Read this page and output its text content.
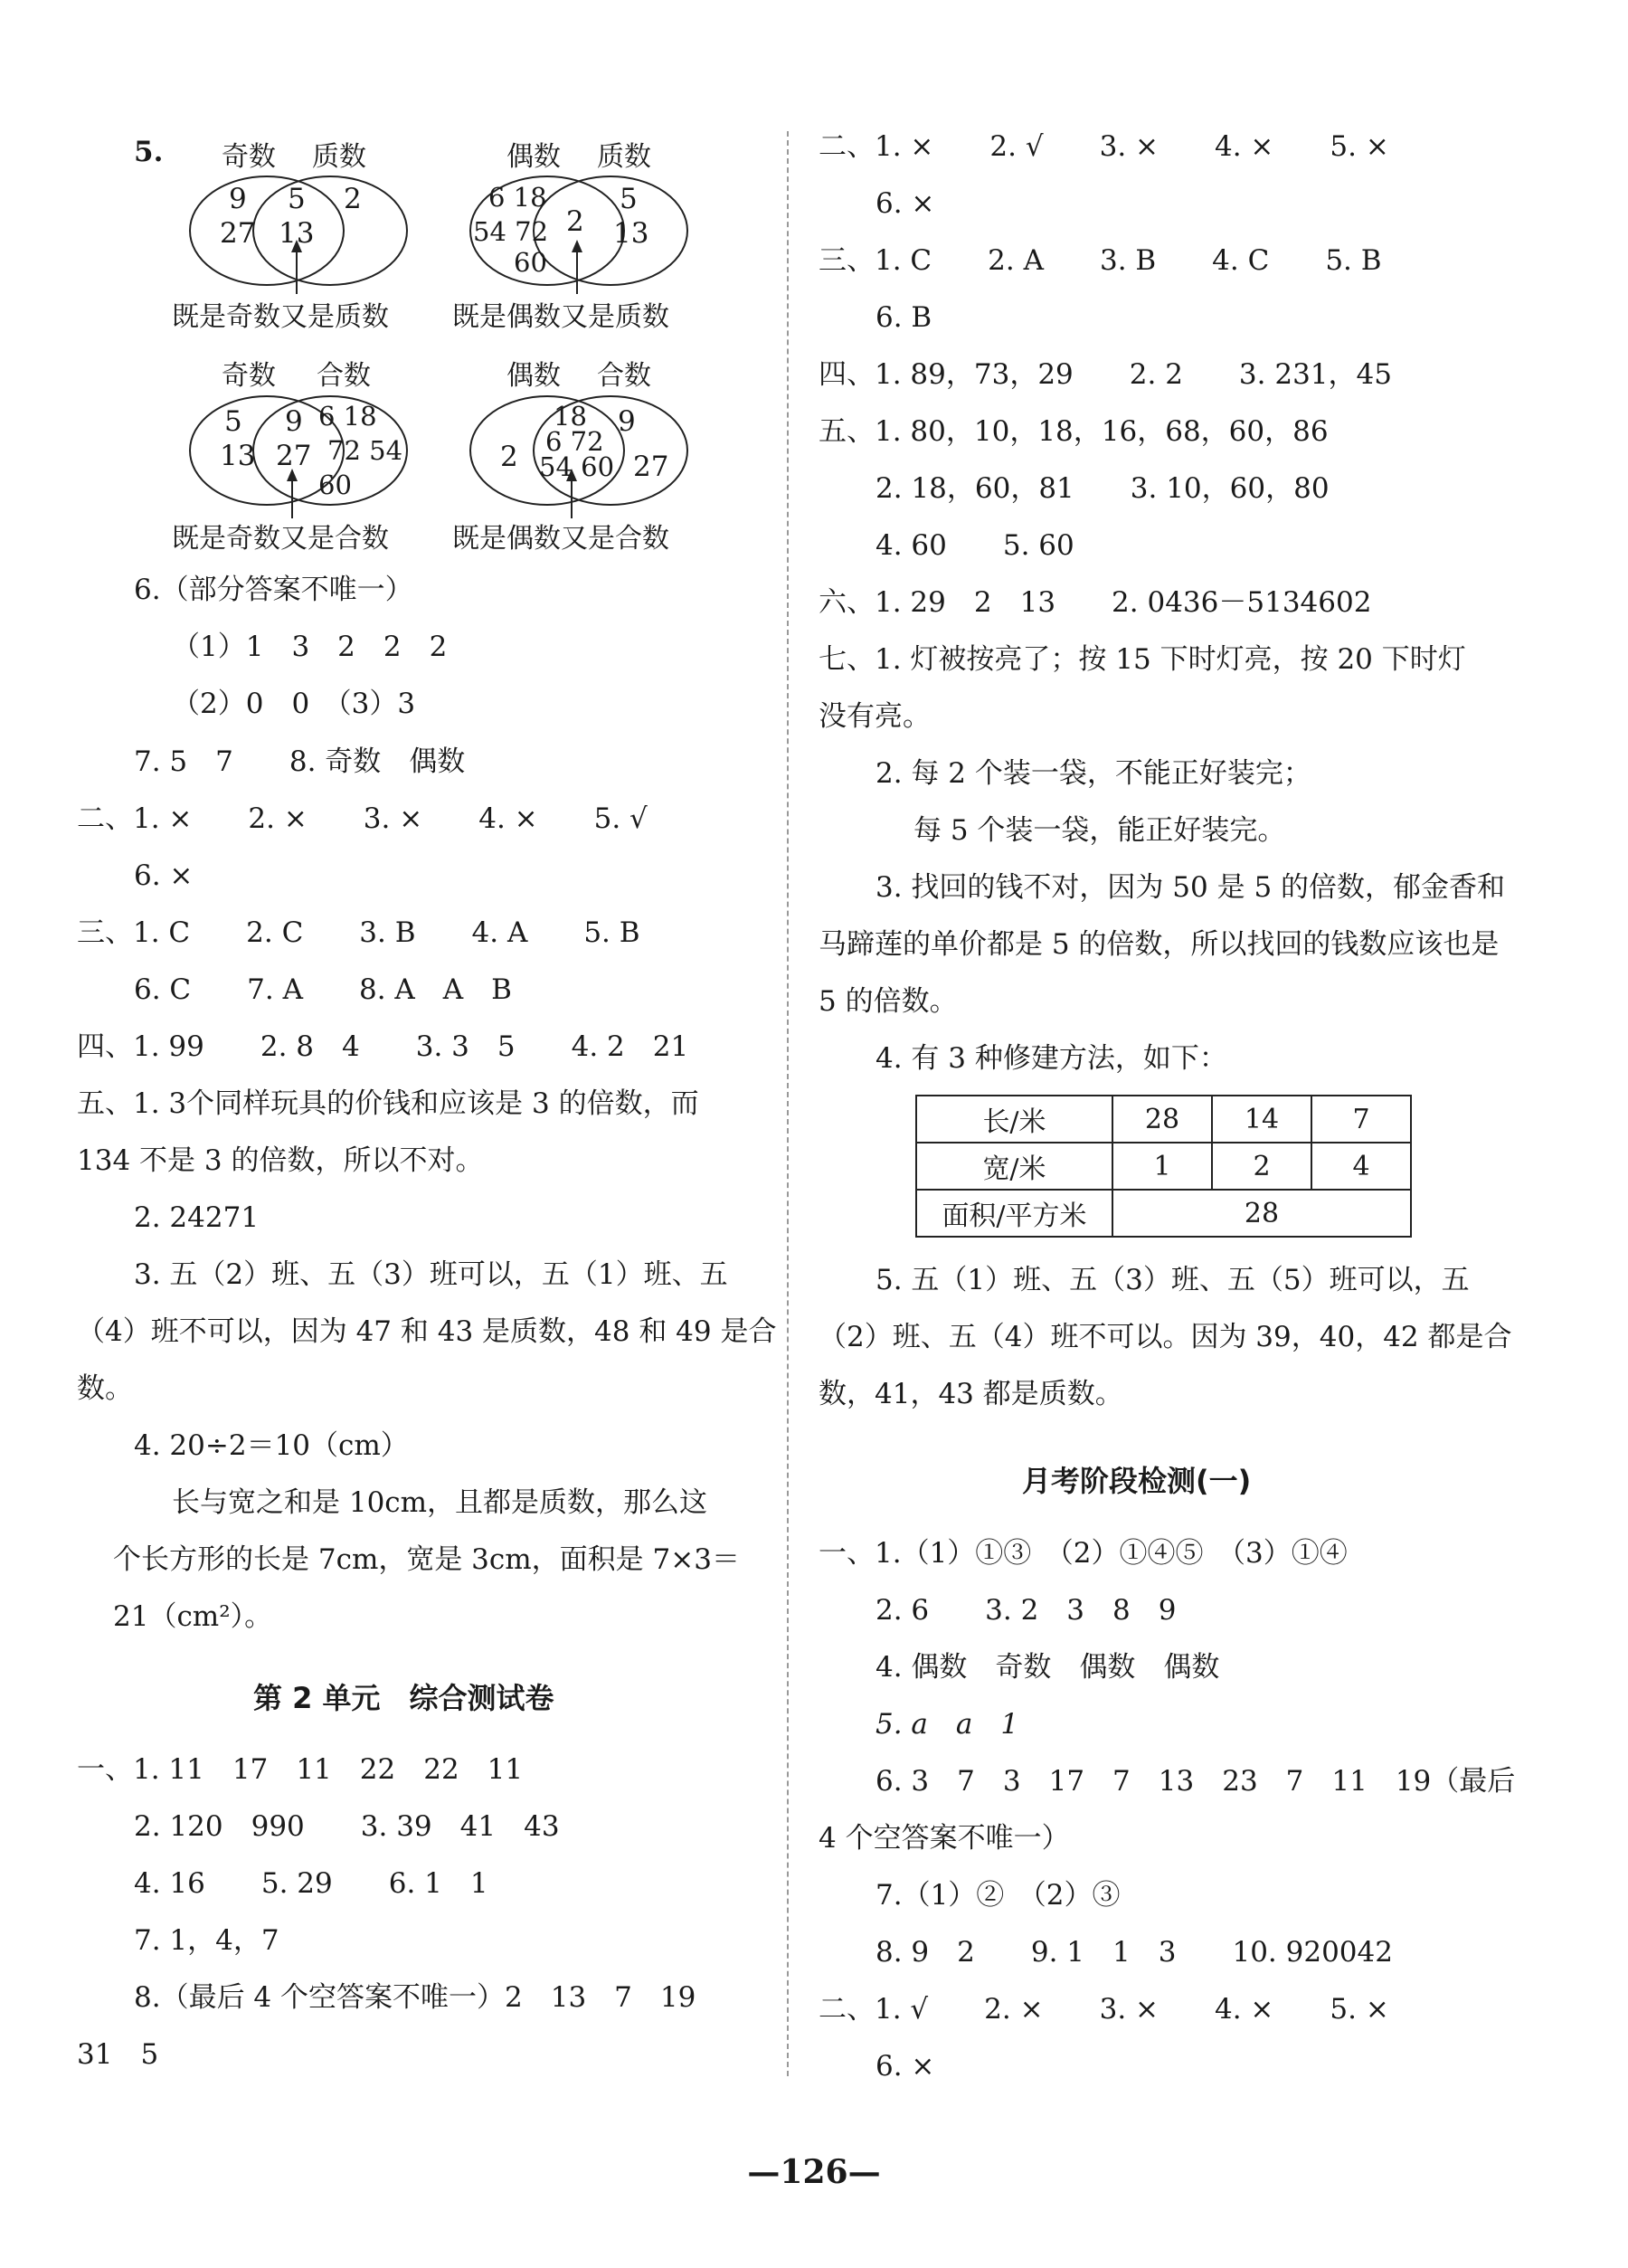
5. 奇数 质数
9
27
5
13
2
既是奇数又是质数
偶数 质数
6 18
54 72
60
2
5
13
既是偶数又是质数
奇数 合数
5
13
9
27
6 18
72 54
60
既是奇数又是合数
偶数 合数
2
18
6 72
54 60
9
27
既是偶数又是合数
6.（部分答案不唯一）
（1）1　3　2　2　2
（2）0　0　（3）3
7. 5　7　　8. 奇数　偶数
二、1. ×　　2. ×　　3. ×　　4. ×　　5. √
6. ×
三、1. C　　2. C　　3. B　　4. A　　5. B
6. C　　7. A　　8. A　A　B
四、1. 99　　2. 8　4　　3. 3　5　　4. 2　21
五、1. 3个同样玩具的价钱和应该是 3 的倍数，而
134 不是 3 的倍数，所以不对。
2. 24271
3. 五（2）班、五（3）班可以，五（1）班、五
（4）班不可以，因为 47 和 43 是质数，48 和 49 是合
数。
4. 20÷2＝10（cm）
长与宽之和是 10cm，且都是质数，那么这
个长方形的长是 7cm，宽是 3cm，面积是 7×3＝
21（cm²）。
第 2 单元　综合测试卷
一、1. 11　17　11　22　22　11
2. 120　990　　3. 39　41　43
4. 16　　5. 29　　6. 1　1
7. 1，4，7
8.（最后 4 个空答案不唯一）2　13　7　19
31　5
二、1. ×　　2. √　　3. ×　　4. ×　　5. ×
6. ×
三、1. C　　2. A　　3. B　　4. C　　5. B
6. B
四、1. 89，73，29　　2. 2　　3. 231，45
五、1. 80，10，18，16，68，60，86
2. 18，60，81　　3. 10，60，80
4. 60　　5. 60
六、1. 29　2　13　　2. 0436－5134602
七、1. 灯被按亮了；按 15 下时灯亮，按 20 下时灯
没有亮。
2. 每 2 个装一袋，不能正好装完；
每 5 个装一袋，能正好装完。
3. 找回的钱不对，因为 50 是 5 的倍数，郁金香和
马蹄莲的单价都是 5 的倍数，所以找回的钱数应该也是
5 的倍数。
4. 有 3 种修建方法，如下：
长/米	28	14	7
宽/米	1	2	4
面积/平方米	28		
5. 五（1）班、五（3）班、五（5）班可以，五
（2）班、五（4）班不可以。因为 39，40，42 都是合
数，41，43 都是质数。
月考阶段检测(一)
一、1.（1）①③　（2）①④⑤　（3）①④
2. 6　　3. 2　3　8　9
4. 偶数　奇数　偶数　偶数
5. a　a　1
6. 3　7　3　17　7　13　23　7　11　19（最后
4 个空答案不唯一）
7.（1）②　（2）③
8. 9　2　　9. 1　1　3　　10. 920042
二、1. √　　2. ×　　3. ×　　4. ×　　5. ×
6. ×
—126—
